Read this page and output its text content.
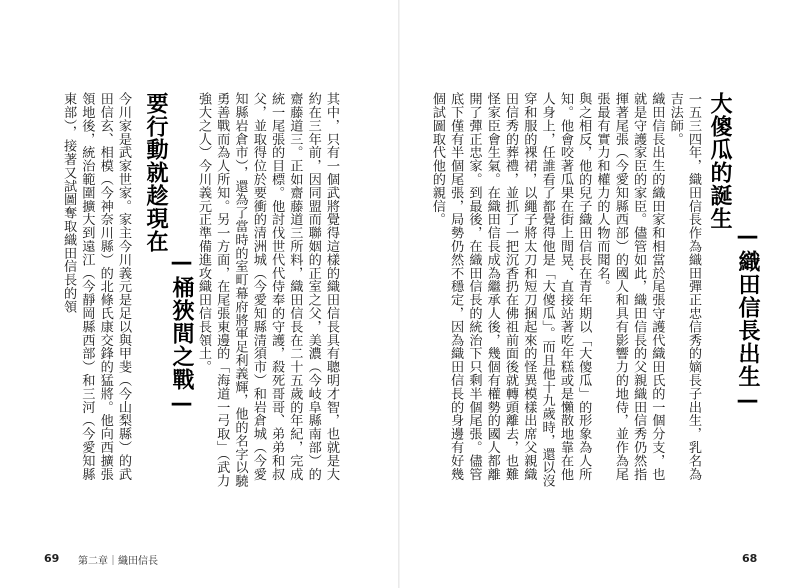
大傻瓜的誕生
—織田信長出生—
一五三四年，織田信長作為織田彈正忠信秀的嫡長子出生，乳名為吉法師。
織田信長出生的織田家和相當於尾張守護代織田氏的一個分支，也就是守護家臣的家臣。儘管如此，織田信長的父親織田信秀仍然指揮著尾張（今愛知縣西部）的國人和具有影響力的地侍，並作為尾張最有實力和權力的人物而聞名。
與之相反，他的兒子織田信長在青年期以「大傻瓜」的形象為人所知。他會咬著瓜果在街上閒晃、直接站著吃年糕或是懶散地靠在他人身上，任誰看了都覺得他是「大傻瓜」。而且他十九歲時，還以沒穿和服的裸裙，以繩子將太刀和短刀捆起來的怪異模樣出席父親織田信秀的葬禮，並抓了一把沉香扔在佛祖前面後就轉頭離去，也難怪家臣會生氣。在織田信長成為繼承人後，幾個有權勢的國人都離開了彈正忠家。到最後，在織田信長的統治下只剩半個尾張。儘管底下僅有半個尾張，局勢仍然不穩定，因為織田信長的身邊有好幾個試圖取代他的親信。
68
其中，只有一個武將覺得這樣的織田信長具有聰明才智，也就是大約在三年前，因同盟而聯姻的正室之父，美濃（今岐阜縣南部）的齋藤道三。正如齋藤道三所料，織田信長在二十五歲的年紀，完成統一尾張的目標。他討伐世代代侍奉的守護，殺死哥哥、弟弟和叔父，並取得位於要衝的清洲城（今愛知縣清須市）和岩倉城（今愛知縣岩倉市），還為了當時的室町幕府將軍足利義輝，他的名字以驍勇善戰而為人所知。另一方面，在尾張東邊的「海道一弓取」（武力強大之人）今川義元正準備進攻織田信長領土。
—桶狹間之戰—
要行動就趁現在
今川家是武家世家。家主今川義元是足以與甲斐（今山梨縣）的武田信玄、相模（今神奈川縣）的北條氏康交鋒的猛將。他向西擴張領地後，統治範圍擴大到遠江（今靜岡縣西部）和三河（今愛知縣東部），接著又試圖奪取織田信長的領
69 第二章｜織田信長
